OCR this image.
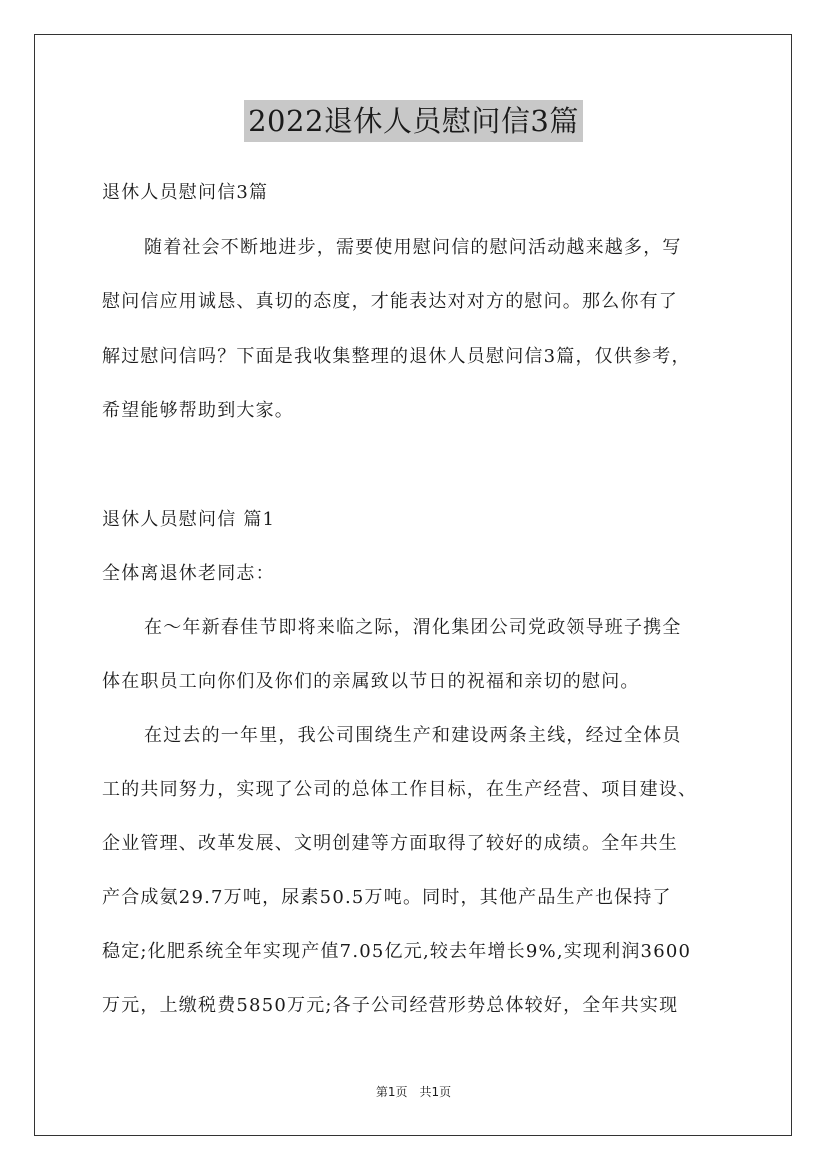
2022退休人员慰问信3篇
退休人员慰问信3篇
随着社会不断地进步，需要使用慰问信的慰问活动越来越多，写
慰问信应用诚恳、真切的态度，才能表达对对方的慰问。那么你有了
解过慰问信吗？下面是我收集整理的退休人员慰问信3篇，仅供参考，
希望能够帮助到大家。
退休人员慰问信 篇1
全体离退休老同志：
在～年新春佳节即将来临之际，渭化集团公司党政领导班子携全
体在职员工向你们及你们的亲属致以节日的祝福和亲切的慰问。
在过去的一年里，我公司围绕生产和建设两条主线，经过全体员
工的共同努力，实现了公司的总体工作目标，在生产经营、项目建设、
企业管理、改革发展、文明创建等方面取得了较好的成绩。全年共生
产合成氨29.7万吨，尿素50.5万吨。同时，其他产品生产也保持了
稳定;化肥系统全年实现产值7.05亿元,较去年增长9%,实现利润3600
万元，上缴税费5850万元;各子公司经营形势总体较好，全年共实现
第1页　共1页
